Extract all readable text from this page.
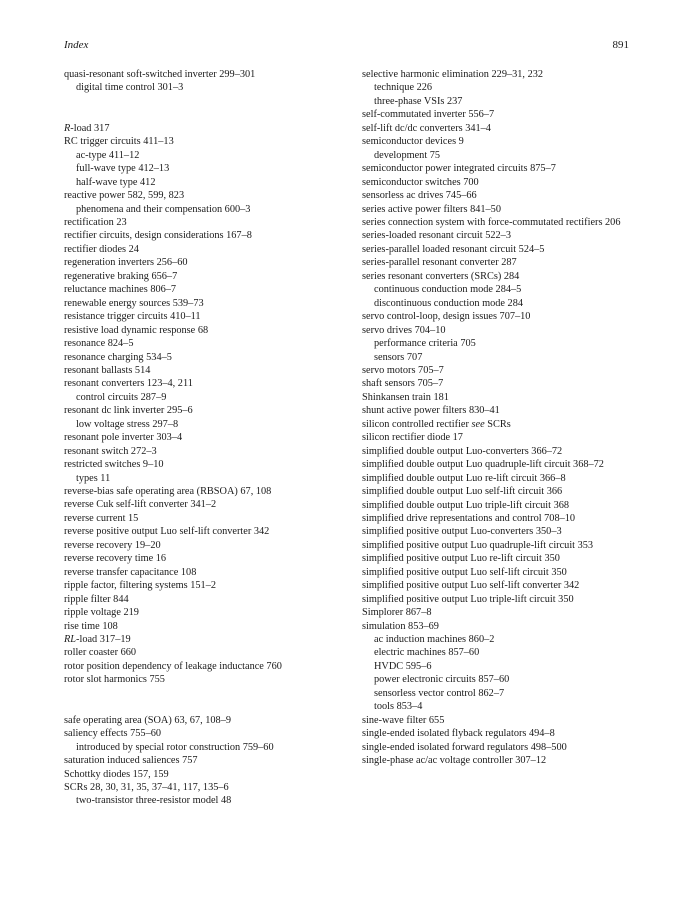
Index	891
quasi-resonant soft-switched inverter 299–301
digital time control 301–3
R-load 317
RC trigger circuits 411–13
ac-type 411–12
full-wave type 412–13
half-wave type 412
reactive power 582, 599, 823
phenomena and their compensation 600–3
rectification 23
rectifier circuits, design considerations 167–8
rectifier diodes 24
regeneration inverters 256–60
regenerative braking 656–7
reluctance machines 806–7
renewable energy sources 539–73
resistance trigger circuits 410–11
resistive load dynamic response 68
resonance 824–5
resonance charging 534–5
resonant ballasts 514
resonant converters 123–4, 211
control circuits 287–9
resonant dc link inverter 295–6
low voltage stress 297–8
resonant pole inverter 303–4
resonant switch 272–3
restricted switches 9–10
types 11
reverse-bias safe operating area (RBSOA) 67, 108
reverse Cuk self-lift converter 341–2
reverse current 15
reverse positive output Luo self-lift converter 342
reverse recovery 19–20
reverse recovery time 16
reverse transfer capacitance 108
ripple factor, filtering systems 151–2
ripple filter 844
ripple voltage 219
rise time 108
RL-load 317–19
roller coaster 660
rotor position dependency of leakage inductance 760
rotor slot harmonics 755
safe operating area (SOA) 63, 67, 108–9
saliency effects 755–60
introduced by special rotor construction 759–60
saturation induced saliences 757
Schottky diodes 157, 159
SCRs 28, 30, 31, 35, 37–41, 117, 135–6
two-transistor three-resistor model 48
selective harmonic elimination 229–31, 232
technique 226
three-phase VSIs 237
self-commutated inverter 556–7
self-lift dc/dc converters 341–4
semiconductor devices 9
development 75
semiconductor power integrated circuits 875–7
semiconductor switches 700
sensorless ac drives 745–66
series active power filters 841–50
series connection system with force-commutated rectifiers 206
series-loaded resonant circuit 522–3
series-parallel loaded resonant circuit 524–5
series-parallel resonant converter 287
series resonant converters (SRCs) 284
continuous conduction mode 284–5
discontinuous conduction mode 284
servo control-loop, design issues 707–10
servo drives 704–10
performance criteria 705
sensors 707
servo motors 705–7
shaft sensors 705–7
Shinkansen train 181
shunt active power filters 830–41
silicon controlled rectifier see SCRs
silicon rectifier diode 17
simplified double output Luo-converters 366–72
simplified double output Luo quadruple-lift circuit 368–72
simplified double output Luo re-lift circuit 366–8
simplified double output Luo self-lift circuit 366
simplified double output Luo triple-lift circuit 368
simplified drive representations and control 708–10
simplified positive output Luo-converters 350–3
simplified positive output Luo quadruple-lift circuit 353
simplified positive output Luo re-lift circuit 350
simplified positive output Luo self-lift circuit 350
simplified positive output Luo self-lift converter 342
simplified positive output Luo triple-lift circuit 350
Simplorer 867–8
simulation 853–69
ac induction machines 860–2
electric machines 857–60
HVDC 595–6
power electronic circuits 857–60
sensorless vector control 862–7
tools 853–4
sine-wave filter 655
single-ended isolated flyback regulators 494–8
single-ended isolated forward regulators 498–500
single-phase ac/ac voltage controller 307–12
